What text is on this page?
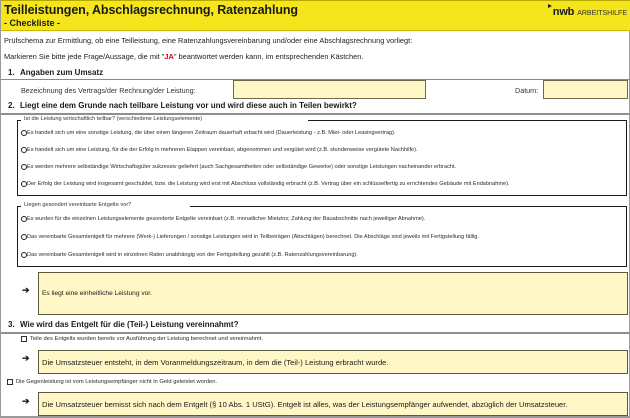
Teilleistungen, Abschlagsrechnung, Ratenzahlung
- Checkliste -
nwb ARBEITSHILFE
Prüfschema zur Ermittlung, ob eine Teilleistung, eine Ratenzahlungsvereinbarung und/oder eine Abschlagsrechnung vorliegt:
Markieren Sie bitte jede Frage/Aussage, die mit "JA" beantwortet werden kann, im entsprechenden Kästchen.
1. Angaben zum Umsatz
Bezeichnung des Vertrags/der Rechnung/der Leistung:	Datum:
2. Liegt eine dem Grunde nach teilbare Leistung vor und wird diese auch in Teilen bewirkt?
Ist die Leistung wirtschaftlich teilbar? (verschiedene Leistungselemente)
Es handelt sich um eine sonstige Leistung, die über einen längeren Zeitraum dauerhaft erbacht wird (Dauerleistung - z.B. Miet- oder Leasingvertrag).
Es handelt sich um eine Leistung, für die der Erfolg in mehreren Etappen vereinbart, abgenommen und vergütet wird (z.B. stundenweise vergütete Nachhilfe).
Es werden mehrere selbständige Wirtschaftsgüter sukzessiv geliefert (auch Sachgesamtheiten oder selbständige Gewerke) oder sonstige Leistungen nacheinander erbracht.
Der Erfolg der Leistung wird insgesamt geschuldet, bzw. die Leistung wird erst mit Abschluss vollständig erbracht (z.B. Vertrag über ein schlüsselfertig zu errichtendes Gebäude mit Endabnahme).
Liegen gesondert vereinbarte Entgelte vor?
Es wurden für die einzelnen Leistungselemente gesonderte Entgelte vereinbart (z.B. monatlicher Mietzins; Zahlung der Bauabschnitte nach jeweiliger Abnahme).
Das vereinbarte Gesamtentgelt für mehrere (Werk-) Lieferungen / sonstige Leistungen wird in Teilbeträgen (Abschlägen) berechnet. Die Abschläge sind jeweils mit Fertigstellung fällig.
Das vereinbarte Gesamtentgelt wird in einzelnen Raten unabhängig von der Fertigstellung gezahlt (z.B. Ratenzahlungsvereinbarung).
➔	Es liegt eine einheitliche Leistung vor.
3. Wie wird das Entgelt für die (Teil-) Leistung vereinnahmt?
Teile des Entgelts wurden bereits vor Ausführung der Leistung berechnet und vereinnahmt.
➔	Die Umsatzsteuer entsteht, in dem Voranmeldungszeitraum, in dem die (Teil-) Leistung erbracht wurde.
Die Gegenleistung ist vom Leistungsempfänger nicht in Geld geleistet worden.
➔	Die Umsatzsteuer bemisst sich nach dem Entgelt (§ 10 Abs. 1 UStG). Entgelt ist alles, was der Leistungsempfänger aufwendet, abzüglich der Umsatzsteuer.
